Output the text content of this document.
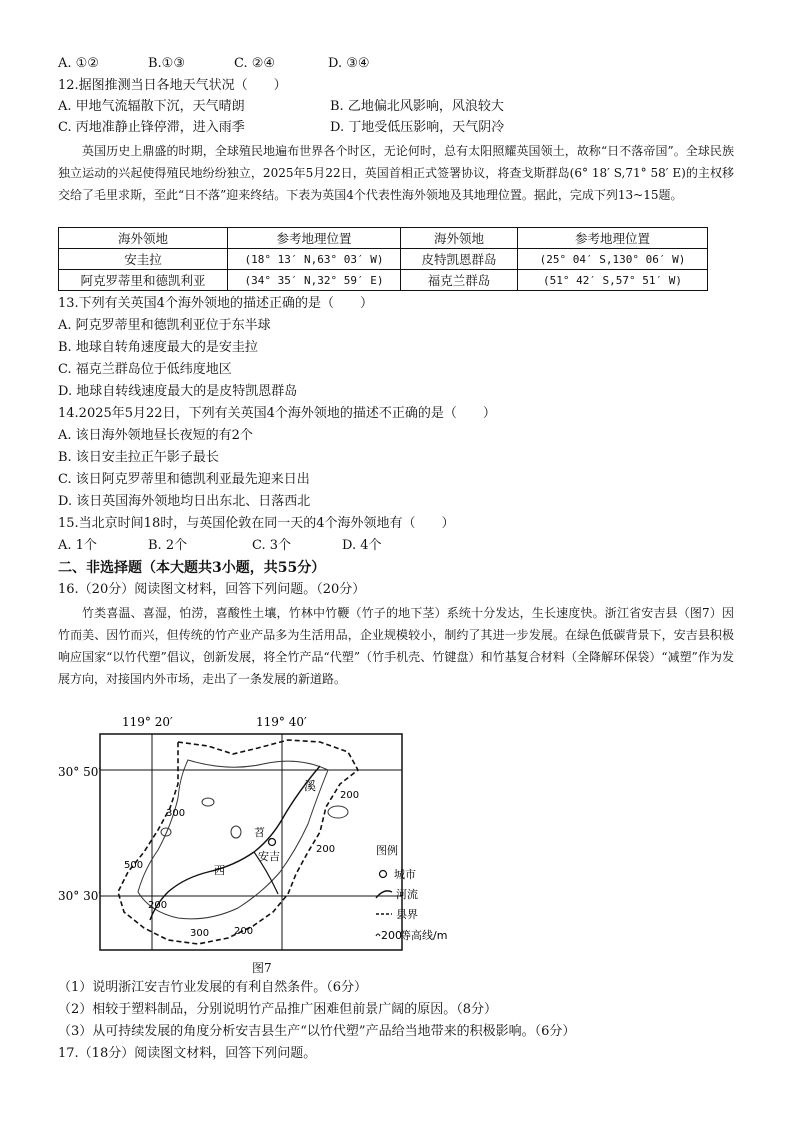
A. ①②	B.①③	C. ②④	D. ③④
12.据图推测当日各地天气状况（　　）
A. 甲地气流辐散下沉，天气晴朗	B. 乙地偏北风影响，风浪较大
C. 丙地准静止锋停滞，进入雨季	D. 丁地受低压影响，天气阴冷
英国历史上鼎盛的时期，全球殖民地遍布世界各个时区，无论何时，总有太阳照耀英国领土，故称“日不落帝国”。全球民族独立运动的兴起使得殖民地纷纷独立，2025年5月22日，英国首相正式签署协议，将查戈斯群岛(6° 18′ S,71° 58′ E)的主权移交给了毛里求斯，至此“日不落”迎来终结。下表为英国4个代表性海外领地及其地理位置。据此，完成下列13~15题。
海外领地	参考地理位置	海外领地	参考地理位置
安圭拉	(18° 13′ N,63° 03′ W)	皮特凯恩群岛	(25° 04′ S,130° 06′ W)
阿克罗蒂里和德凯利亚	(34° 35′ N,32° 59′ E)	福克兰群岛	(51° 42′ S,57° 51′ W)
13.下列有关英国4个海外领地的描述正确的是（　　）
A. 阿克罗蒂里和德凯利亚位于东半球
B. 地球自转角速度最大的是安圭拉
C. 福克兰群岛位于低纬度地区
D. 地球自转线速度最大的是皮特凯恩群岛
14.2025年5月22日，下列有关英国4个海外领地的描述不正确的是（　　）
A. 该日海外领地昼长夜短的有2个
B. 该日安圭拉正午影子最长
C. 该日阿克罗蒂里和德凯利亚最先迎来日出
D. 该日英国海外领地均日出东北、日落西北
15.当北京时间18时，与英国伦敦在同一天的4个海外领地有（　　）
A. 1个	B. 2个	C. 3个	D. 4个
二、非选择题（本大题共3小题，共55分）
16.（20分）阅读图文材料，回答下列问题。（20分）
竹类喜温、喜湿，怕涝，喜酸性土壤，竹林中竹鞭（竹子的地下茎）系统十分发达，生长速度快。浙江省安吉县（图7）因竹而美、因竹而兴，但传统的竹产业产品多为生活用品，企业规模较小，制约了其进一步发展。在绿色低碳背景下，安吉县积极响应国家“以竹代塑”倡议，创新发展，将全竹产品“代塑”（竹手机壳、竹键盘）和竹基复合材料（全降解环保袋）“减塑”作为发展方向，对接国内外市场，走出了一条发展的新道路。
119° 20′	119° 40′
30° 50′
30° 30′
安吉
苕
溪
西
200
200
300
500
200
300 200
图例
城市
河流
县界
200
等高线/m
图7
（1）说明浙江安吉竹业发展的有利自然条件。（6分）
（2）相较于塑料制品，分别说明竹产品推广困难但前景广阔的原因。（8分）
（3）从可持续发展的角度分析安吉县生产“以竹代塑”产品给当地带来的积极影响。（6分）
17.（18分）阅读图文材料，回答下列问题。
